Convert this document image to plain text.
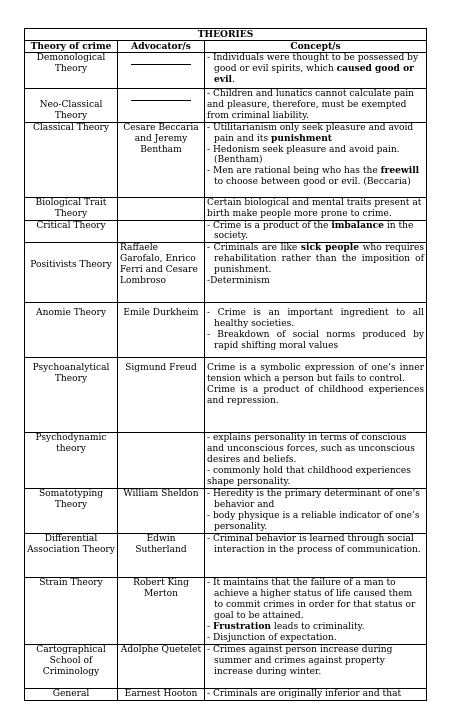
THEORIES		
Theory of crime	Advocator/s	Concept/s
Demonological Theory		- Individuals were thought to be possessed by good or evil spirits, which caused good or evil.

Neo-Classical Theory		- Children and lunatics cannot calculate pain and pleasure, therefore, must be exempted from criminal liability.

Classical Theory	Cesare Beccaria and Jeremy Bentham	- Utilitarianism only seek pleasure and avoid pain and its punishment
- Hedonism seek pleasure and avoid pain. (Bentham)
- Men are rational being who has the freewill to choose between good or evil. (Beccaria)

Biological Trait Theory		Certain biological and mental traits present at birth make people more prone to crime.

Critical Theory		- Crime is a product of the imbalance in the society.

Positivists Theory	Raffaele Garofalo, Enrico Ferri and Cesare Lombroso	- Criminals are like sick people who requires rehabilitation rather than the imposition of punishment.
-Determinism

Anomie Theory	Emile Durkheim	- Crime is an important ingredient to all healthy societies.
- Breakdown of social norms produced by rapid shifting moral values

Psychoanalytical Theory	Sigmund Freud	Crime is a symbolic expression of one’s inner tension which a person but fails to control.
Crime is a product of childhood experiences and repression.

Psychodynamic theory		- explains personality in terms of conscious and unconscious forces, such as unconscious desires and beliefs.
- commonly hold that childhood experiences shape personality.

Somatotyping Theory	William Sheldon	- Heredity is the primary determinant of one’s behavior and
- body physique is a reliable indicator of one’s personality.

Differential Association Theory	Edwin Sutherland	- Criminal behavior is learned through social interaction in the process of communication.

Strain Theory	Robert King Merton	- It maintains that the failure of a man to achieve a higher status of life caused them to commit crimes in order for that status or goal to be attained.
- Frustration leads to criminality.
- Disjunction of expectation.

Cartographical School of Criminology	Adolphe Quetelet	- Crimes against person increase during summer and crimes against property increase during winter.

General	Earnest Hooton	- Criminals are originally inferior and that
